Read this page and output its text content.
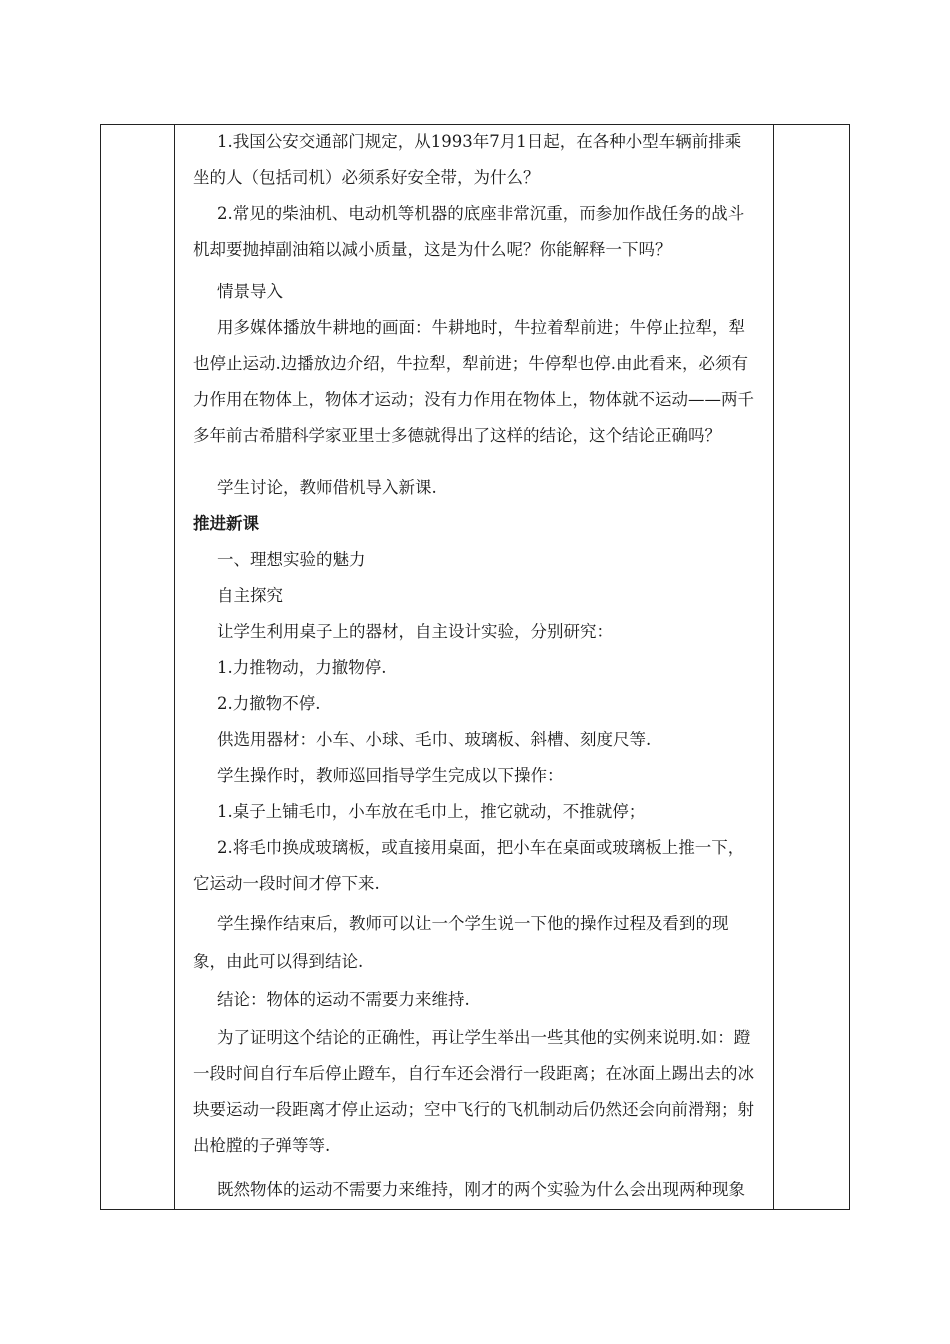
1.我国公安交通部门规定，从1993年7月1日起，在各种小型车辆前排乘
坐的人（包括司机）必须系好安全带，为什么？
2.常见的柴油机、电动机等机器的底座非常沉重，而参加作战任务的战斗
机却要抛掉副油箱以减小质量，这是为什么呢？你能解释一下吗？
情景导入
用多媒体播放牛耕地的画面：牛耕地时，牛拉着犁前进；牛停止拉犁，犁
也停止运动.边播放边介绍，牛拉犁，犁前进；牛停犁也停.由此看来，必须有
力作用在物体上，物体才运动；没有力作用在物体上，物体就不运动——两千
多年前古希腊科学家亚里士多德就得出了这样的结论，这个结论正确吗？
学生讨论，教师借机导入新课.
推进新课
一、理想实验的魅力
自主探究
让学生利用桌子上的器材，自主设计实验，分别研究：
1.力推物动，力撤物停.
2.力撤物不停.
供选用器材：小车、小球、毛巾、玻璃板、斜槽、刻度尺等.
学生操作时，教师巡回指导学生完成以下操作：
1.桌子上铺毛巾，小车放在毛巾上，推它就动，不推就停；
2.将毛巾换成玻璃板，或直接用桌面，把小车在桌面或玻璃板上推一下，
它运动一段时间才停下来.
学生操作结束后，教师可以让一个学生说一下他的操作过程及看到的现
象，由此可以得到结论.
结论：物体的运动不需要力来维持.
为了证明这个结论的正确性，再让学生举出一些其他的实例来说明.如：蹬
一段时间自行车后停止蹬车，自行车还会滑行一段距离；在冰面上踢出去的冰
块要运动一段距离才停止运动；空中飞行的飞机制动后仍然还会向前滑翔；射
出枪膛的子弹等等.
既然物体的运动不需要力来维持，刚才的两个实验为什么会出现两种现象
